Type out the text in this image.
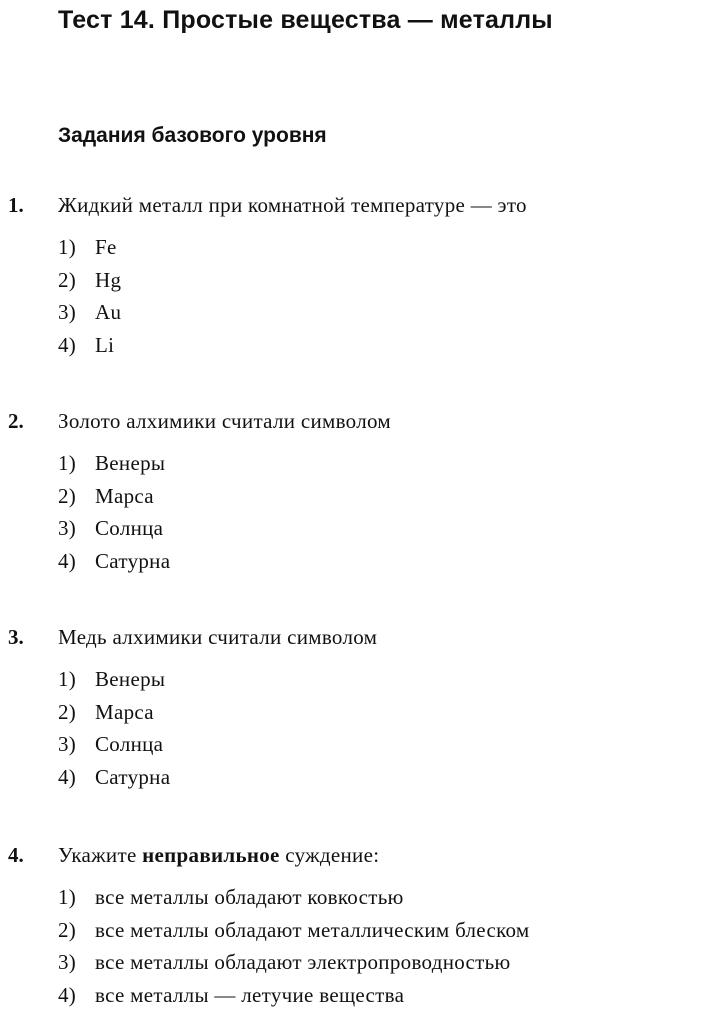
Тест 14. Простые вещества — металлы
Задания базового уровня
1. Жидкий металл при комнатной температуре — это
1) Fe
2) Hg
3) Au
4) Li
2. Золото алхимики считали символом
1) Венеры
2) Марса
3) Солнца
4) Сатурна
3. Медь алхимики считали символом
1) Венеры
2) Марса
3) Солнца
4) Сатурна
4. Укажите неправильное суждение:
1) все металлы обладают ковкостью
2) все металлы обладают металлическим блеском
3) все металлы обладают электропроводностью
4) все металлы — летучие вещества
